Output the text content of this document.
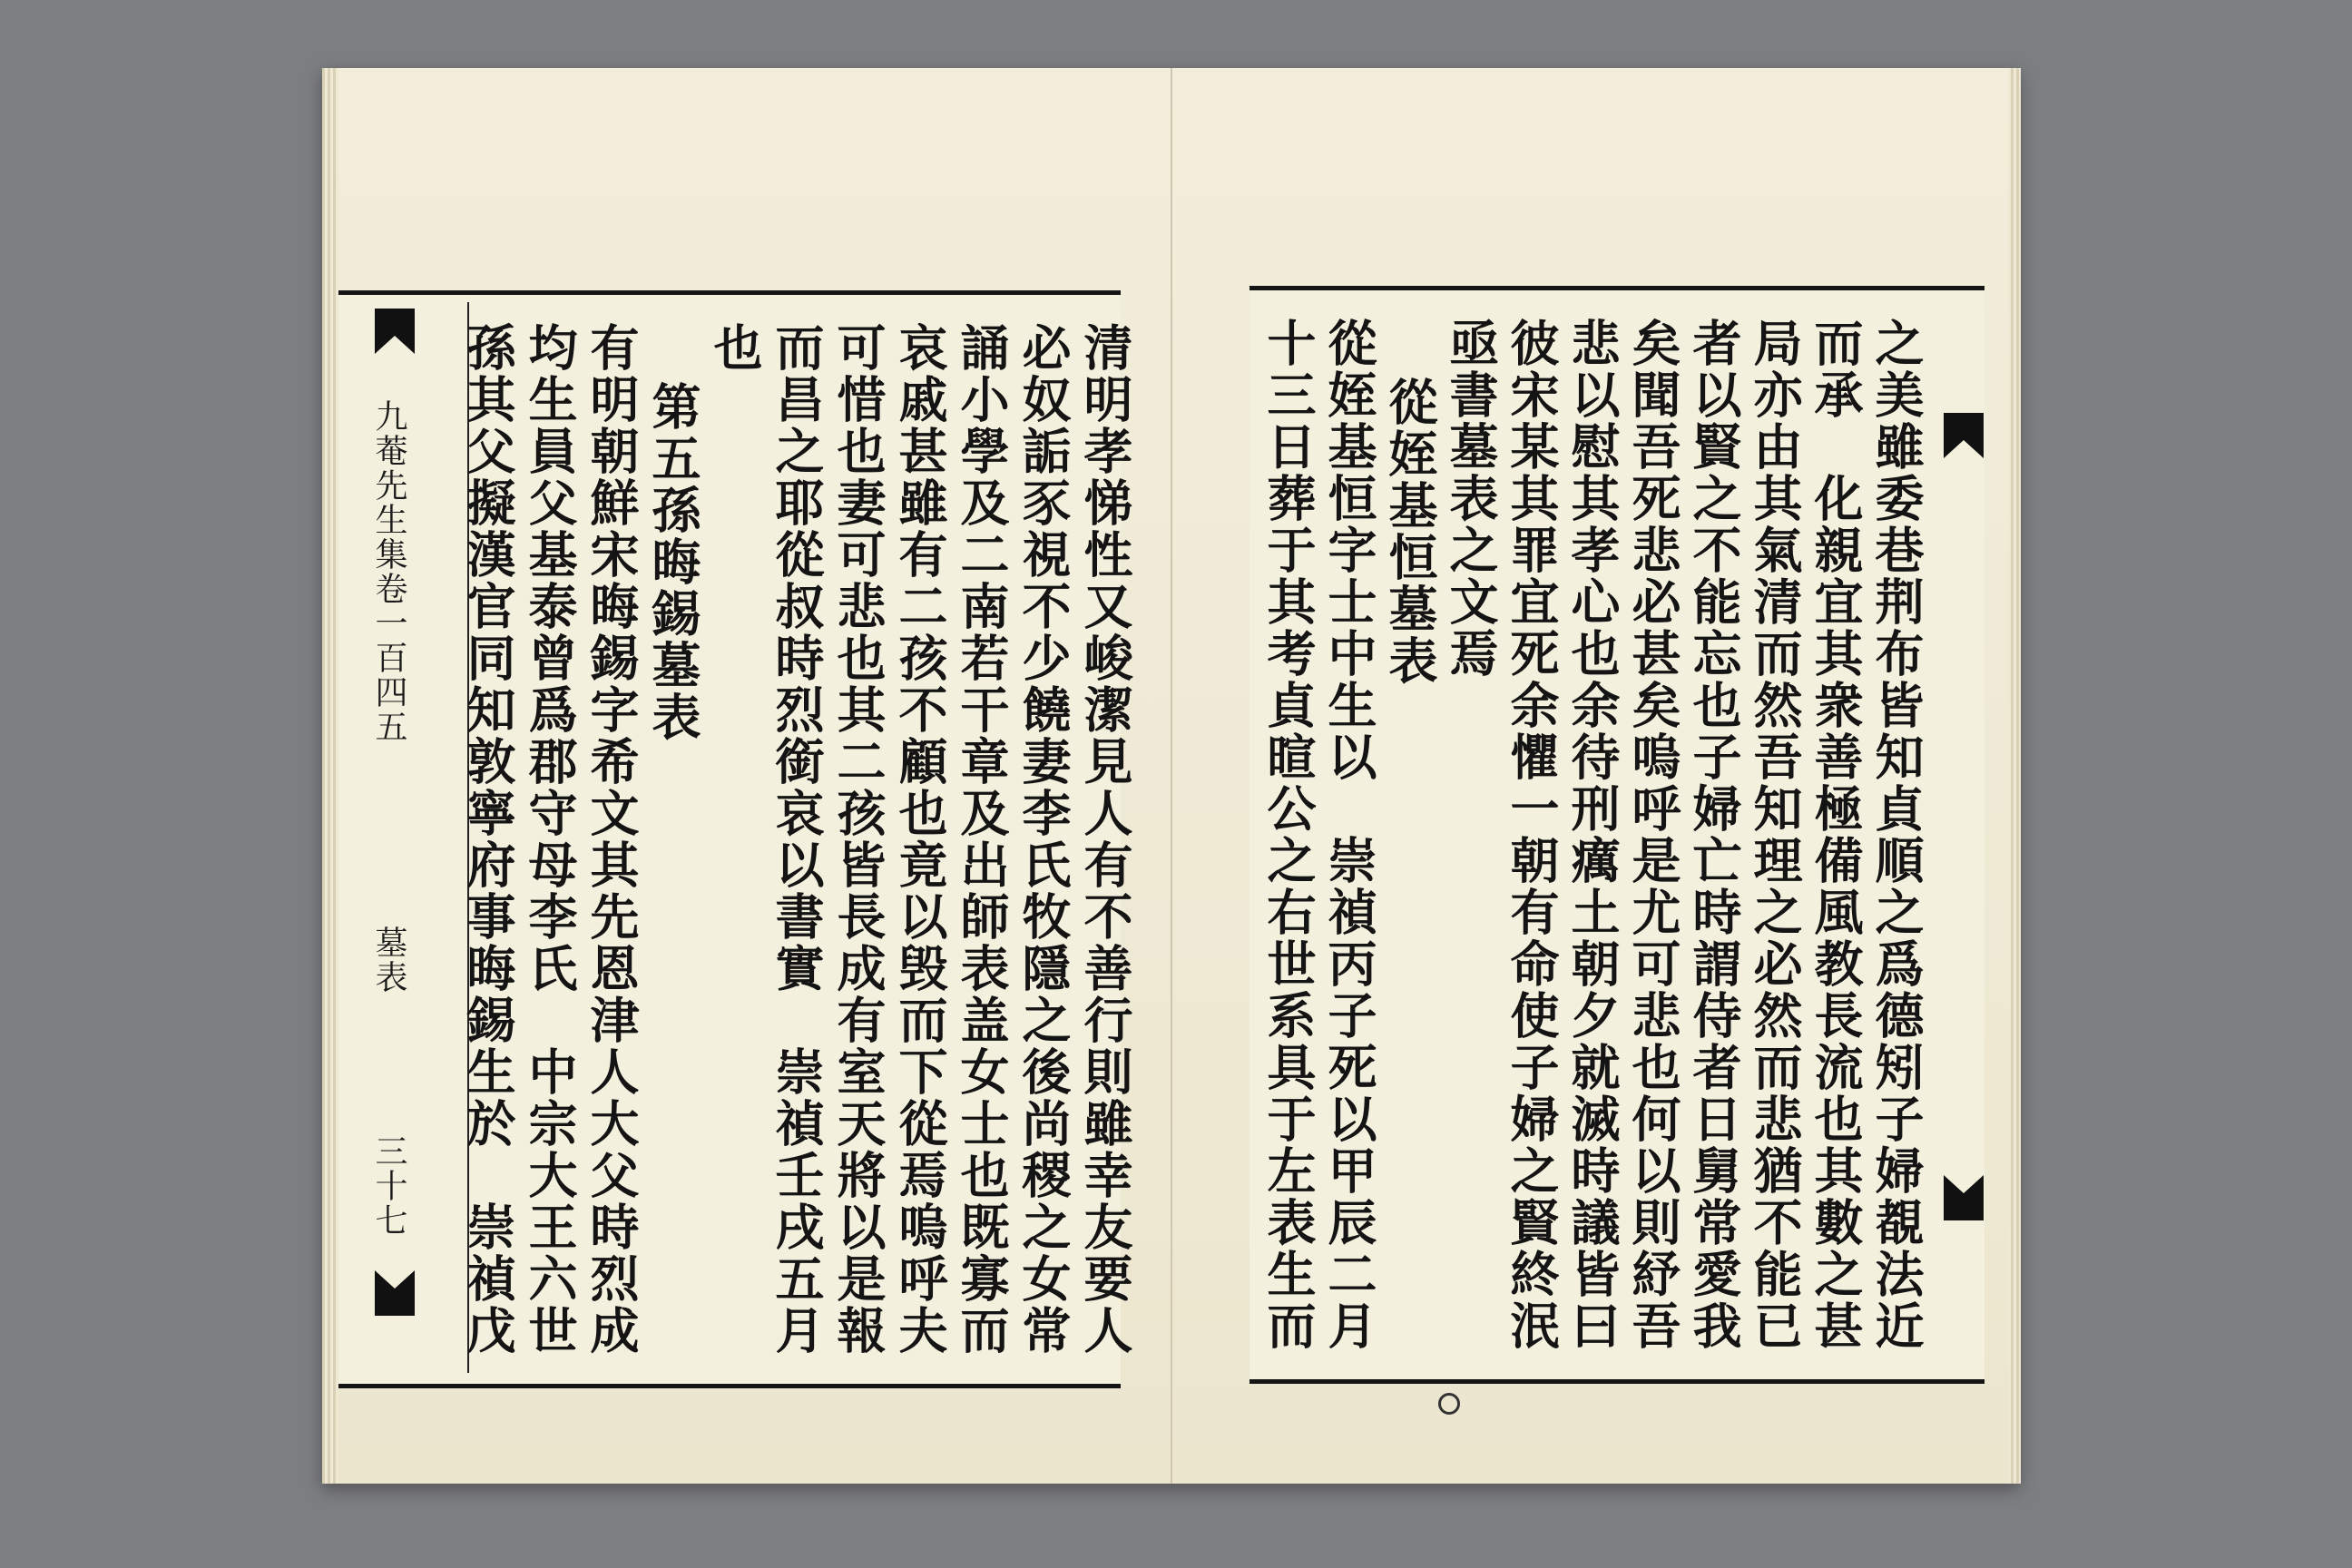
九菴先生集卷一百四五
墓表
三十七 孫其父擬漢官同知敦寧府事晦錫生於　崇禎戊 均生員父基泰曾爲郡守母李氏　中宗大王六世 有明朝鮮宋晦錫字希文其先恩津人大父時烈成 第五孫晦錫墓表
也 而昌之耶從叔時烈銜哀以書實　崇禎壬戌五月 可惜也妻可悲也其二孩皆長成有室天將以是報 哀戚甚雖有二孩不顧也竟以毁而下從焉嗚呼夫 誦小學及二南若干章及出師表盖女士也既寡而 必奴詬豕視不少饒妻李氏牧隱之後尚稷之女常 清明孝悌性又峻潔見人有不善行則雖幸友要人	十三日葬于其考貞暄公之右世系具于左表生而 從姪基恒字士中生以　崇禎丙子死以甲辰二月 從姪基恒墓表 亟書墓表之文焉 彼宋某其罪宜死余懼一朝有命使子婦之賢終泯 悲以慰其孝心也余待刑癘土朝夕就滅時議皆曰 矣聞吾死悲必甚矣嗚呼是尤可悲也何以則紓吾 者以賢之不能忘也子婦亡時謂侍者日舅常愛我 局亦由其氣清而然吾知理之必然而悲猶不能已 而承　化親宜其衆善極備風教長流也其數之甚 之美雖委巷荆布皆知貞順之爲德矧子婦覩法近
